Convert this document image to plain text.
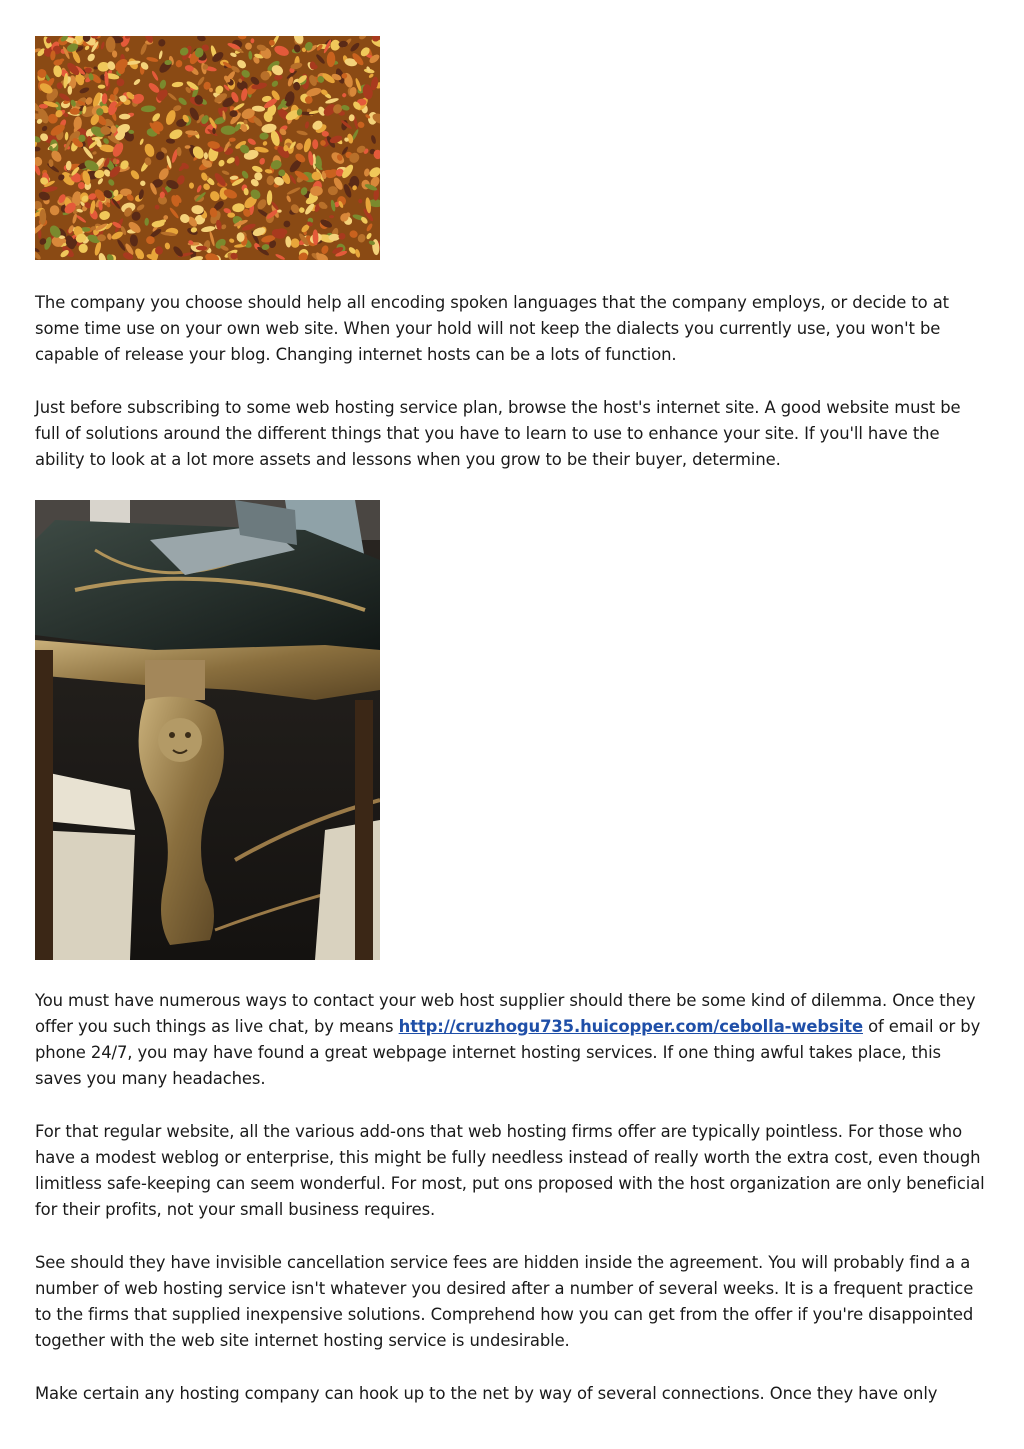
The company you choose should help all encoding spoken languages that the company employs, or decide to at some time use on your own web site. When your hold will not keep the dialects you currently use, you won't be capable of release your blog. Changing internet hosts can be a lots of function.

Just before subscribing to some web hosting service plan, browse the host's internet site. A good website must be full of solutions around the different things that you have to learn to use to enhance your site. If you'll have the ability to look at a lot more assets and lessons when you grow to be their buyer, determine.

You must have numerous ways to contact your web host supplier should there be some kind of dilemma. Once they offer you such things as live chat, by means http://cruzhogu735.huicopper.com/cebolla-website of email or by phone 24/7, you may have found a great webpage internet hosting services. If one thing awful takes place, this saves you many headaches.

For that regular website, all the various add-ons that web hosting firms offer are typically pointless. For those who have a modest weblog or enterprise, this might be fully needless instead of really worth the extra cost, even though limitless safe-keeping can seem wonderful. For most, put ons proposed with the host organization are only beneficial for their profits, not your small business requires.

See should they have invisible cancellation service fees are hidden inside the agreement. You will probably find a a number of web hosting service isn't whatever you desired after a number of several weeks. It is a frequent practice to the firms that supplied inexpensive solutions. Comprehend how you can get from the offer if you're disappointed together with the web site internet hosting service is undesirable.

Make certain any hosting company can hook up to the net by way of several connections. Once they have only
